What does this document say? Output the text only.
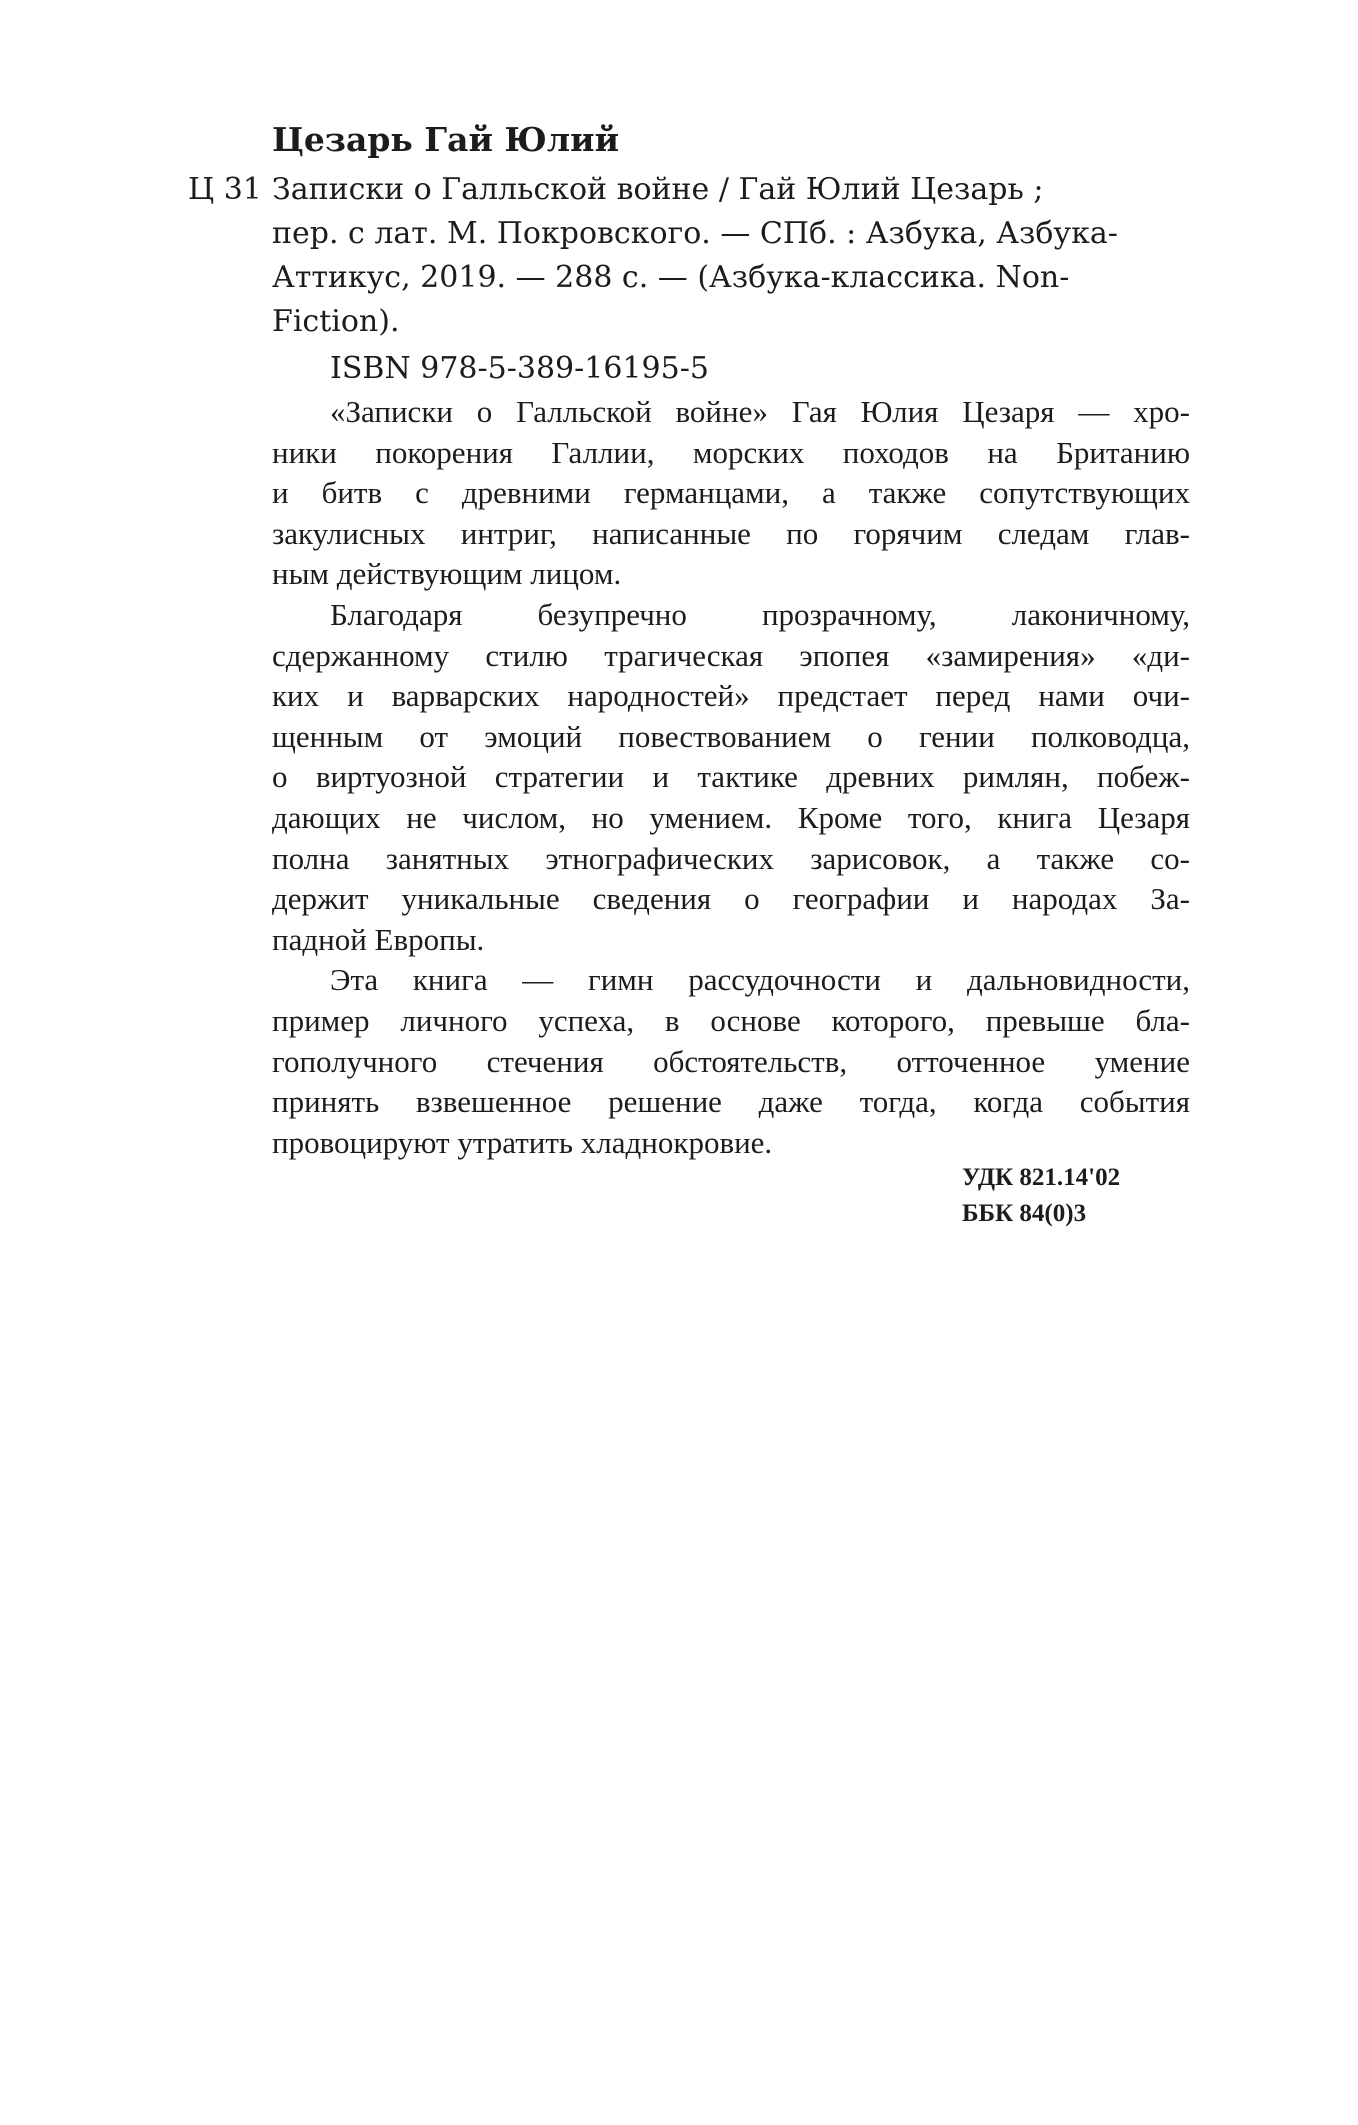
Цезарь Гай Юлий
Ц 31 Записки о Галльской войне / Гай Юлий Цезарь ;
пер. с лат. М. Покровского. — СПб. : Азбука, Азбука-
Аттикус, 2019. — 288 с. — (Азбука-классика. Non-
Fiction).
ISBN 978-5-389-16195-5

«Записки о Галльской войне» Гая Юлия Цезаря — хро-
ники покорения Галлии, морских походов на Британию
и битв с древними германцами, а также сопутствующих
закулисных интриг, написанные по горячим следам глав-
ным действующим лицом.

Благодаря безупречно прозрачному, лаконичному,
сдержанному стилю трагическая эпопея «замирения» «ди-
ких и варварских народностей» предстает перед нами очи-
щенным от эмоций повествованием о гении полководца,
о виртуозной стратегии и тактике древних римлян, побеж-
дающих не числом, но умением. Кроме того, книга Цезаря
полна занятных этнографических зарисовок, а также со-
держит уникальные сведения о географии и народах За-
падной Европы.

Эта книга — гимн рассудочности и дальновидности,
пример личного успеха, в основе которого, превыше бла-
гополучного стечения обстоятельств, отточенное умение
принять взвешенное решение даже тогда, когда события
провоцируют утратить хладнокровие.

УДК 821.14'02
ББК 84(0)3
